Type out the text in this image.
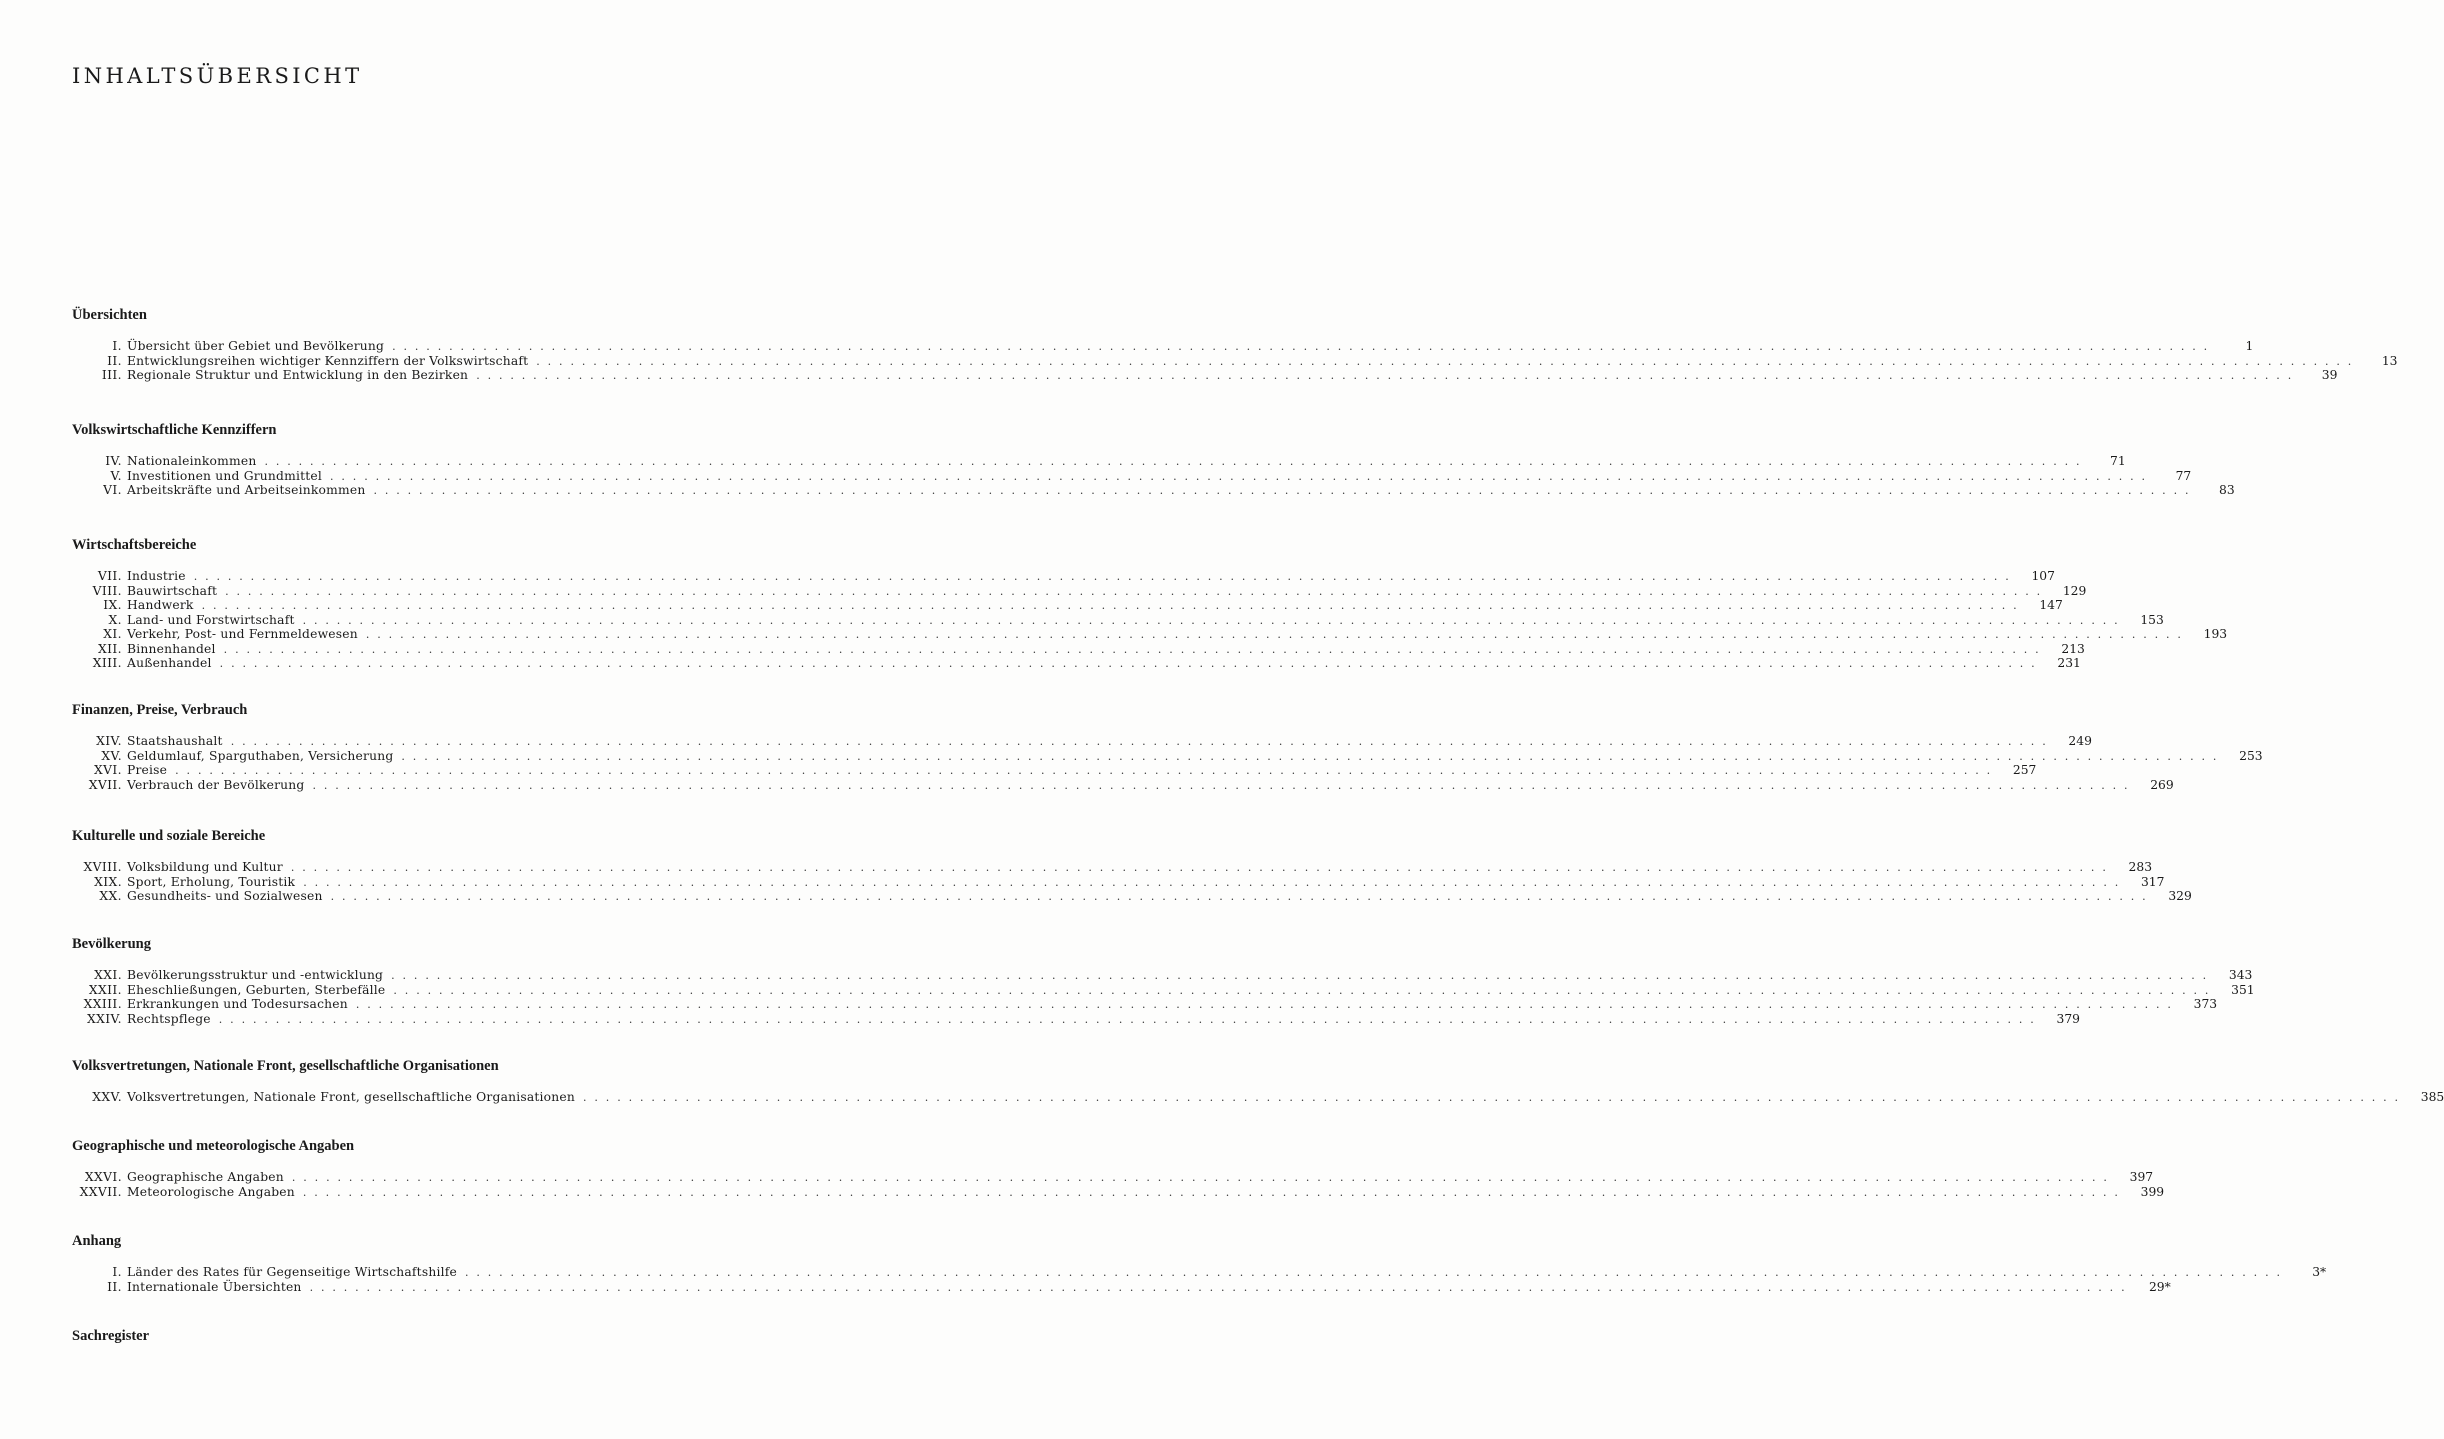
INHALTSÜBERSICHT
Übersichten
I. Übersicht über Gebiet und Bevölkerung . . . . . . . . . . . . . . . . . . . . . . . . . . . . . . . . . . . . . . . . . . . . . . . . . . . . . . . . . . . . . . . . . . . . . . . . . . . . . . . . . . . . . . . . . . . . . . . . . . . . . . . . . . . . . . . . . . . . . . . . . . . . . . . . . . . . . . . . . . . . . . . . . . . . . . . . . . . . . . . .	1
II. Entwicklungsreihen wichtiger Kennziffern der Volkswirtschaft . . . . . . . . . . . . . . . . . . . . . . . . . . . . . . . . . . . . . . . . . . . . . . . . . . . . . . . . . . . . . . . . . . . . . . . . . . . . . . . . . . . . . . . . . . . . . . . . . . . . . . . . . . . . . . . . . . . . . . . . . . . . . . . . . . . . . . . . . . . . . . . . . . . . . . . . . . . . . . . .	13
III. Regionale Struktur und Entwicklung in den Bezirken . . . . . . . . . . . . . . . . . . . . . . . . . . . . . . . . . . . . . . . . . . . . . . . . . . . . . . . . . . . . . . . . . . . . . . . . . . . . . . . . . . . . . . . . . . . . . . . . . . . . . . . . . . . . . . . . . . . . . . . . . . . . . . . . . . . . . . . . . . . . . . . . . . . . . . . . . . . . . . . .	39
Volkswirtschaftliche Kennziffern
IV. Nationaleinkommen . . . . . . . . . . . . . . . . . . . . . . . . . . . . . . . . . . . . . . . . . . . . . . . . . . . . . . . . . . . . . . . . . . . . . . . . . . . . . . . . . . . . . . . . . . . . . . . . . . . . . . . . . . . . . . . . . . . . . . . . . . . . . . . . . . . . . . . . . . . . . . . . . . . . . . . . . . . . . . . .	71
V. Investitionen und Grundmittel . . . . . . . . . . . . . . . . . . . . . . . . . . . . . . . . . . . . . . . . . . . . . . . . . . . . . . . . . . . . . . . . . . . . . . . . . . . . . . . . . . . . . . . . . . . . . . . . . . . . . . . . . . . . . . . . . . . . . . . . . . . . . . . . . . . . . . . . . . . . . . . . . . . . . . . . . . . . . . . .	77
VI. Arbeitskräfte und Arbeitseinkommen . . . . . . . . . . . . . . . . . . . . . . . . . . . . . . . . . . . . . . . . . . . . . . . . . . . . . . . . . . . . . . . . . . . . . . . . . . . . . . . . . . . . . . . . . . . . . . . . . . . . . . . . . . . . . . . . . . . . . . . . . . . . . . . . . . . . . . . . . . . . . . . . . . . . . . . . . . . . . . . .	83
Wirtschaftsbereiche
VII. Industrie . . . . . . . . . . . . . . . . . . . . . . . . . . . . . . . . . . . . . . . . . . . . . . . . . . . . . . . . . . . . . . . . . . . . . . . . . . . . . . . . . . . . . . . . . . . . . . . . . . . . . . . . . . . . . . . . . . . . . . . . . . . . . . . . . . . . . . . . . . . . . . . . . . . . . . . . . . . . . . . .	107
VIII. Bauwirtschaft . . . . . . . . . . . . . . . . . . . . . . . . . . . . . . . . . . . . . . . . . . . . . . . . . . . . . . . . . . . . . . . . . . . . . . . . . . . . . . . . . . . . . . . . . . . . . . . . . . . . . . . . . . . . . . . . . . . . . . . . . . . . . . . . . . . . . . . . . . . . . . . . . . . . . . . . . . . . . . . .	129
IX. Handwerk . . . . . . . . . . . . . . . . . . . . . . . . . . . . . . . . . . . . . . . . . . . . . . . . . . . . . . . . . . . . . . . . . . . . . . . . . . . . . . . . . . . . . . . . . . . . . . . . . . . . . . . . . . . . . . . . . . . . . . . . . . . . . . . . . . . . . . . . . . . . . . . . . . . . . . . . . . . . . . . .	147
X. Land- und Forstwirtschaft . . . . . . . . . . . . . . . . . . . . . . . . . . . . . . . . . . . . . . . . . . . . . . . . . . . . . . . . . . . . . . . . . . . . . . . . . . . . . . . . . . . . . . . . . . . . . . . . . . . . . . . . . . . . . . . . . . . . . . . . . . . . . . . . . . . . . . . . . . . . . . . . . . . . . . . . . . . . . . . .	153
XI. Verkehr, Post- und Fernmeldewesen . . . . . . . . . . . . . . . . . . . . . . . . . . . . . . . . . . . . . . . . . . . . . . . . . . . . . . . . . . . . . . . . . . . . . . . . . . . . . . . . . . . . . . . . . . . . . . . . . . . . . . . . . . . . . . . . . . . . . . . . . . . . . . . . . . . . . . . . . . . . . . . . . . . . . . . . . . . . . . . .	193
XII. Binnenhandel . . . . . . . . . . . . . . . . . . . . . . . . . . . . . . . . . . . . . . . . . . . . . . . . . . . . . . . . . . . . . . . . . . . . . . . . . . . . . . . . . . . . . . . . . . . . . . . . . . . . . . . . . . . . . . . . . . . . . . . . . . . . . . . . . . . . . . . . . . . . . . . . . . . . . . . . . . . . . . . .	213
XIII. Außenhandel . . . . . . . . . . . . . . . . . . . . . . . . . . . . . . . . . . . . . . . . . . . . . . . . . . . . . . . . . . . . . . . . . . . . . . . . . . . . . . . . . . . . . . . . . . . . . . . . . . . . . . . . . . . . . . . . . . . . . . . . . . . . . . . . . . . . . . . . . . . . . . . . . . . . . . . . . . . . . . . .	231
Finanzen, Preise, Verbrauch
XIV. Staatshaushalt . . . . . . . . . . . . . . . . . . . . . . . . . . . . . . . . . . . . . . . . . . . . . . . . . . . . . . . . . . . . . . . . . . . . . . . . . . . . . . . . . . . . . . . . . . . . . . . . . . . . . . . . . . . . . . . . . . . . . . . . . . . . . . . . . . . . . . . . . . . . . . . . . . . . . . . . . . . . . . . .	249
XV. Geldumlauf, Sparguthaben, Versicherung . . . . . . . . . . . . . . . . . . . . . . . . . . . . . . . . . . . . . . . . . . . . . . . . . . . . . . . . . . . . . . . . . . . . . . . . . . . . . . . . . . . . . . . . . . . . . . . . . . . . . . . . . . . . . . . . . . . . . . . . . . . . . . . . . . . . . . . . . . . . . . . . . . . . . . . . . . . . . . . .	253
XVI. Preise . . . . . . . . . . . . . . . . . . . . . . . . . . . . . . . . . . . . . . . . . . . . . . . . . . . . . . . . . . . . . . . . . . . . . . . . . . . . . . . . . . . . . . . . . . . . . . . . . . . . . . . . . . . . . . . . . . . . . . . . . . . . . . . . . . . . . . . . . . . . . . . . . . . . . . . . . . . . . . . .	257
XVII. Verbrauch der Bevölkerung . . . . . . . . . . . . . . . . . . . . . . . . . . . . . . . . . . . . . . . . . . . . . . . . . . . . . . . . . . . . . . . . . . . . . . . . . . . . . . . . . . . . . . . . . . . . . . . . . . . . . . . . . . . . . . . . . . . . . . . . . . . . . . . . . . . . . . . . . . . . . . . . . . . . . . . . . . . . . . . .	269
Kulturelle und soziale Bereiche
XVIII. Volksbildung und Kultur . . . . . . . . . . . . . . . . . . . . . . . . . . . . . . . . . . . . . . . . . . . . . . . . . . . . . . . . . . . . . . . . . . . . . . . . . . . . . . . . . . . . . . . . . . . . . . . . . . . . . . . . . . . . . . . . . . . . . . . . . . . . . . . . . . . . . . . . . . . . . . . . . . . . . . . . . . . . . . . .	283
XIX. Sport, Erholung, Touristik . . . . . . . . . . . . . . . . . . . . . . . . . . . . . . . . . . . . . . . . . . . . . . . . . . . . . . . . . . . . . . . . . . . . . . . . . . . . . . . . . . . . . . . . . . . . . . . . . . . . . . . . . . . . . . . . . . . . . . . . . . . . . . . . . . . . . . . . . . . . . . . . . . . . . . . . . . . . . . . .	317
XX. Gesundheits- und Sozialwesen . . . . . . . . . . . . . . . . . . . . . . . . . . . . . . . . . . . . . . . . . . . . . . . . . . . . . . . . . . . . . . . . . . . . . . . . . . . . . . . . . . . . . . . . . . . . . . . . . . . . . . . . . . . . . . . . . . . . . . . . . . . . . . . . . . . . . . . . . . . . . . . . . . . . . . . . . . . . . . . .	329
Bevölkerung
XXI. Bevölkerungsstruktur und -entwicklung . . . . . . . . . . . . . . . . . . . . . . . . . . . . . . . . . . . . . . . . . . . . . . . . . . . . . . . . . . . . . . . . . . . . . . . . . . . . . . . . . . . . . . . . . . . . . . . . . . . . . . . . . . . . . . . . . . . . . . . . . . . . . . . . . . . . . . . . . . . . . . . . . . . . . . . . . . . . . . . .	343
XXII. Eheschließungen, Geburten, Sterbefälle . . . . . . . . . . . . . . . . . . . . . . . . . . . . . . . . . . . . . . . . . . . . . . . . . . . . . . . . . . . . . . . . . . . . . . . . . . . . . . . . . . . . . . . . . . . . . . . . . . . . . . . . . . . . . . . . . . . . . . . . . . . . . . . . . . . . . . . . . . . . . . . . . . . . . . . . . . . . . . . .	351
XXIII. Erkrankungen und Todesursachen . . . . . . . . . . . . . . . . . . . . . . . . . . . . . . . . . . . . . . . . . . . . . . . . . . . . . . . . . . . . . . . . . . . . . . . . . . . . . . . . . . . . . . . . . . . . . . . . . . . . . . . . . . . . . . . . . . . . . . . . . . . . . . . . . . . . . . . . . . . . . . . . . . . . . . . . . . . . . . . .	373
XXIV. Rechtspflege . . . . . . . . . . . . . . . . . . . . . . . . . . . . . . . . . . . . . . . . . . . . . . . . . . . . . . . . . . . . . . . . . . . . . . . . . . . . . . . . . . . . . . . . . . . . . . . . . . . . . . . . . . . . . . . . . . . . . . . . . . . . . . . . . . . . . . . . . . . . . . . . . . . . . . . . . . . . . . . .	379
Volksvertretungen, Nationale Front, gesellschaftliche Organisationen
XXV. Volksvertretungen, Nationale Front, gesellschaftliche Organisationen . . . . . . . . . . . . . . . . . . . . . . . . . . . . . . . . . . . . . . . . . . . . . . . . . . . . . . . . . . . . . . . . . . . . . . . . . . . . . . . . . . . . . . . . . . . . . . . . . . . . . . . . . . . . . . . . . . . . . . . . . . . . . . . . . . . . . . . . . . . . . . . . . . . . . . . . . . . . . . . .	385
Geographische und meteorologische Angaben
XXVI. Geographische Angaben . . . . . . . . . . . . . . . . . . . . . . . . . . . . . . . . . . . . . . . . . . . . . . . . . . . . . . . . . . . . . . . . . . . . . . . . . . . . . . . . . . . . . . . . . . . . . . . . . . . . . . . . . . . . . . . . . . . . . . . . . . . . . . . . . . . . . . . . . . . . . . . . . . . . . . . . . . . . . . . .	397
XXVII. Meteorologische Angaben . . . . . . . . . . . . . . . . . . . . . . . . . . . . . . . . . . . . . . . . . . . . . . . . . . . . . . . . . . . . . . . . . . . . . . . . . . . . . . . . . . . . . . . . . . . . . . . . . . . . . . . . . . . . . . . . . . . . . . . . . . . . . . . . . . . . . . . . . . . . . . . . . . . . . . . . . . . . . . . .	399
Anhang
I. Länder des Rates für Gegenseitige Wirtschaftshilfe . . . . . . . . . . . . . . . . . . . . . . . . . . . . . . . . . . . . . . . . . . . . . . . . . . . . . . . . . . . . . . . . . . . . . . . . . . . . . . . . . . . . . . . . . . . . . . . . . . . . . . . . . . . . . . . . . . . . . . . . . . . . . . . . . . . . . . . . . . . . . . . . . . . . . . . . . . . . . . . .	3*
II. Internationale Übersichten . . . . . . . . . . . . . . . . . . . . . . . . . . . . . . . . . . . . . . . . . . . . . . . . . . . . . . . . . . . . . . . . . . . . . . . . . . . . . . . . . . . . . . . . . . . . . . . . . . . . . . . . . . . . . . . . . . . . . . . . . . . . . . . . . . . . . . . . . . . . . . . . . . . . . . . . . . . . . . . .	29*
Sachregister
